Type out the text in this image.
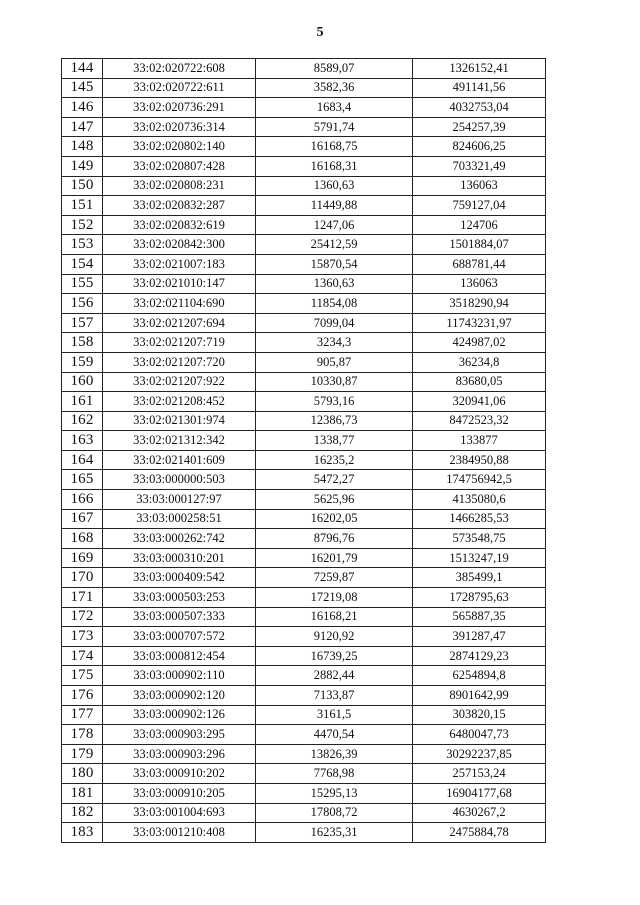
5
144	33:02:020722:608	8589,07	1326152,41
145	33:02:020722:611	3582,36	491141,56
146	33:02:020736:291	1683,4	4032753,04
147	33:02:020736:314	5791,74	254257,39
148	33:02:020802:140	16168,75	824606,25
149	33:02:020807:428	16168,31	703321,49
150	33:02:020808:231	1360,63	136063
151	33:02:020832:287	11449,88	759127,04
152	33:02:020832:619	1247,06	124706
153	33:02:020842:300	25412,59	1501884,07
154	33:02:021007:183	15870,54	688781,44
155	33:02:021010:147	1360,63	136063
156	33:02:021104:690	11854,08	3518290,94
157	33:02:021207:694	7099,04	11743231,97
158	33:02:021207:719	3234,3	424987,02
159	33:02:021207:720	905,87	36234,8
160	33:02:021207:922	10330,87	83680,05
161	33:02:021208:452	5793,16	320941,06
162	33:02:021301:974	12386,73	8472523,32
163	33:02:021312:342	1338,77	133877
164	33:02:021401:609	16235,2	2384950,88
165	33:03:000000:503	5472,27	174756942,5
166	33:03:000127:97	5625,96	4135080,6
167	33:03:000258:51	16202,05	1466285,53
168	33:03:000262:742	8796,76	573548,75
169	33:03:000310:201	16201,79	1513247,19
170	33:03:000409:542	7259,87	385499,1
171	33:03:000503:253	17219,08	1728795,63
172	33:03:000507:333	16168,21	565887,35
173	33:03:000707:572	9120,92	391287,47
174	33:03:000812:454	16739,25	2874129,23
175	33:03:000902:110	2882,44	6254894,8
176	33:03:000902:120	7133,87	8901642,99
177	33:03:000902:126	3161,5	303820,15
178	33:03:000903:295	4470,54	6480047,73
179	33:03:000903:296	13826,39	30292237,85
180	33:03:000910:202	7768,98	257153,24
181	33:03:000910:205	15295,13	16904177,68
182	33:03:001004:693	17808,72	4630267,2
183	33:03:001210:408	16235,31	2475884,78
